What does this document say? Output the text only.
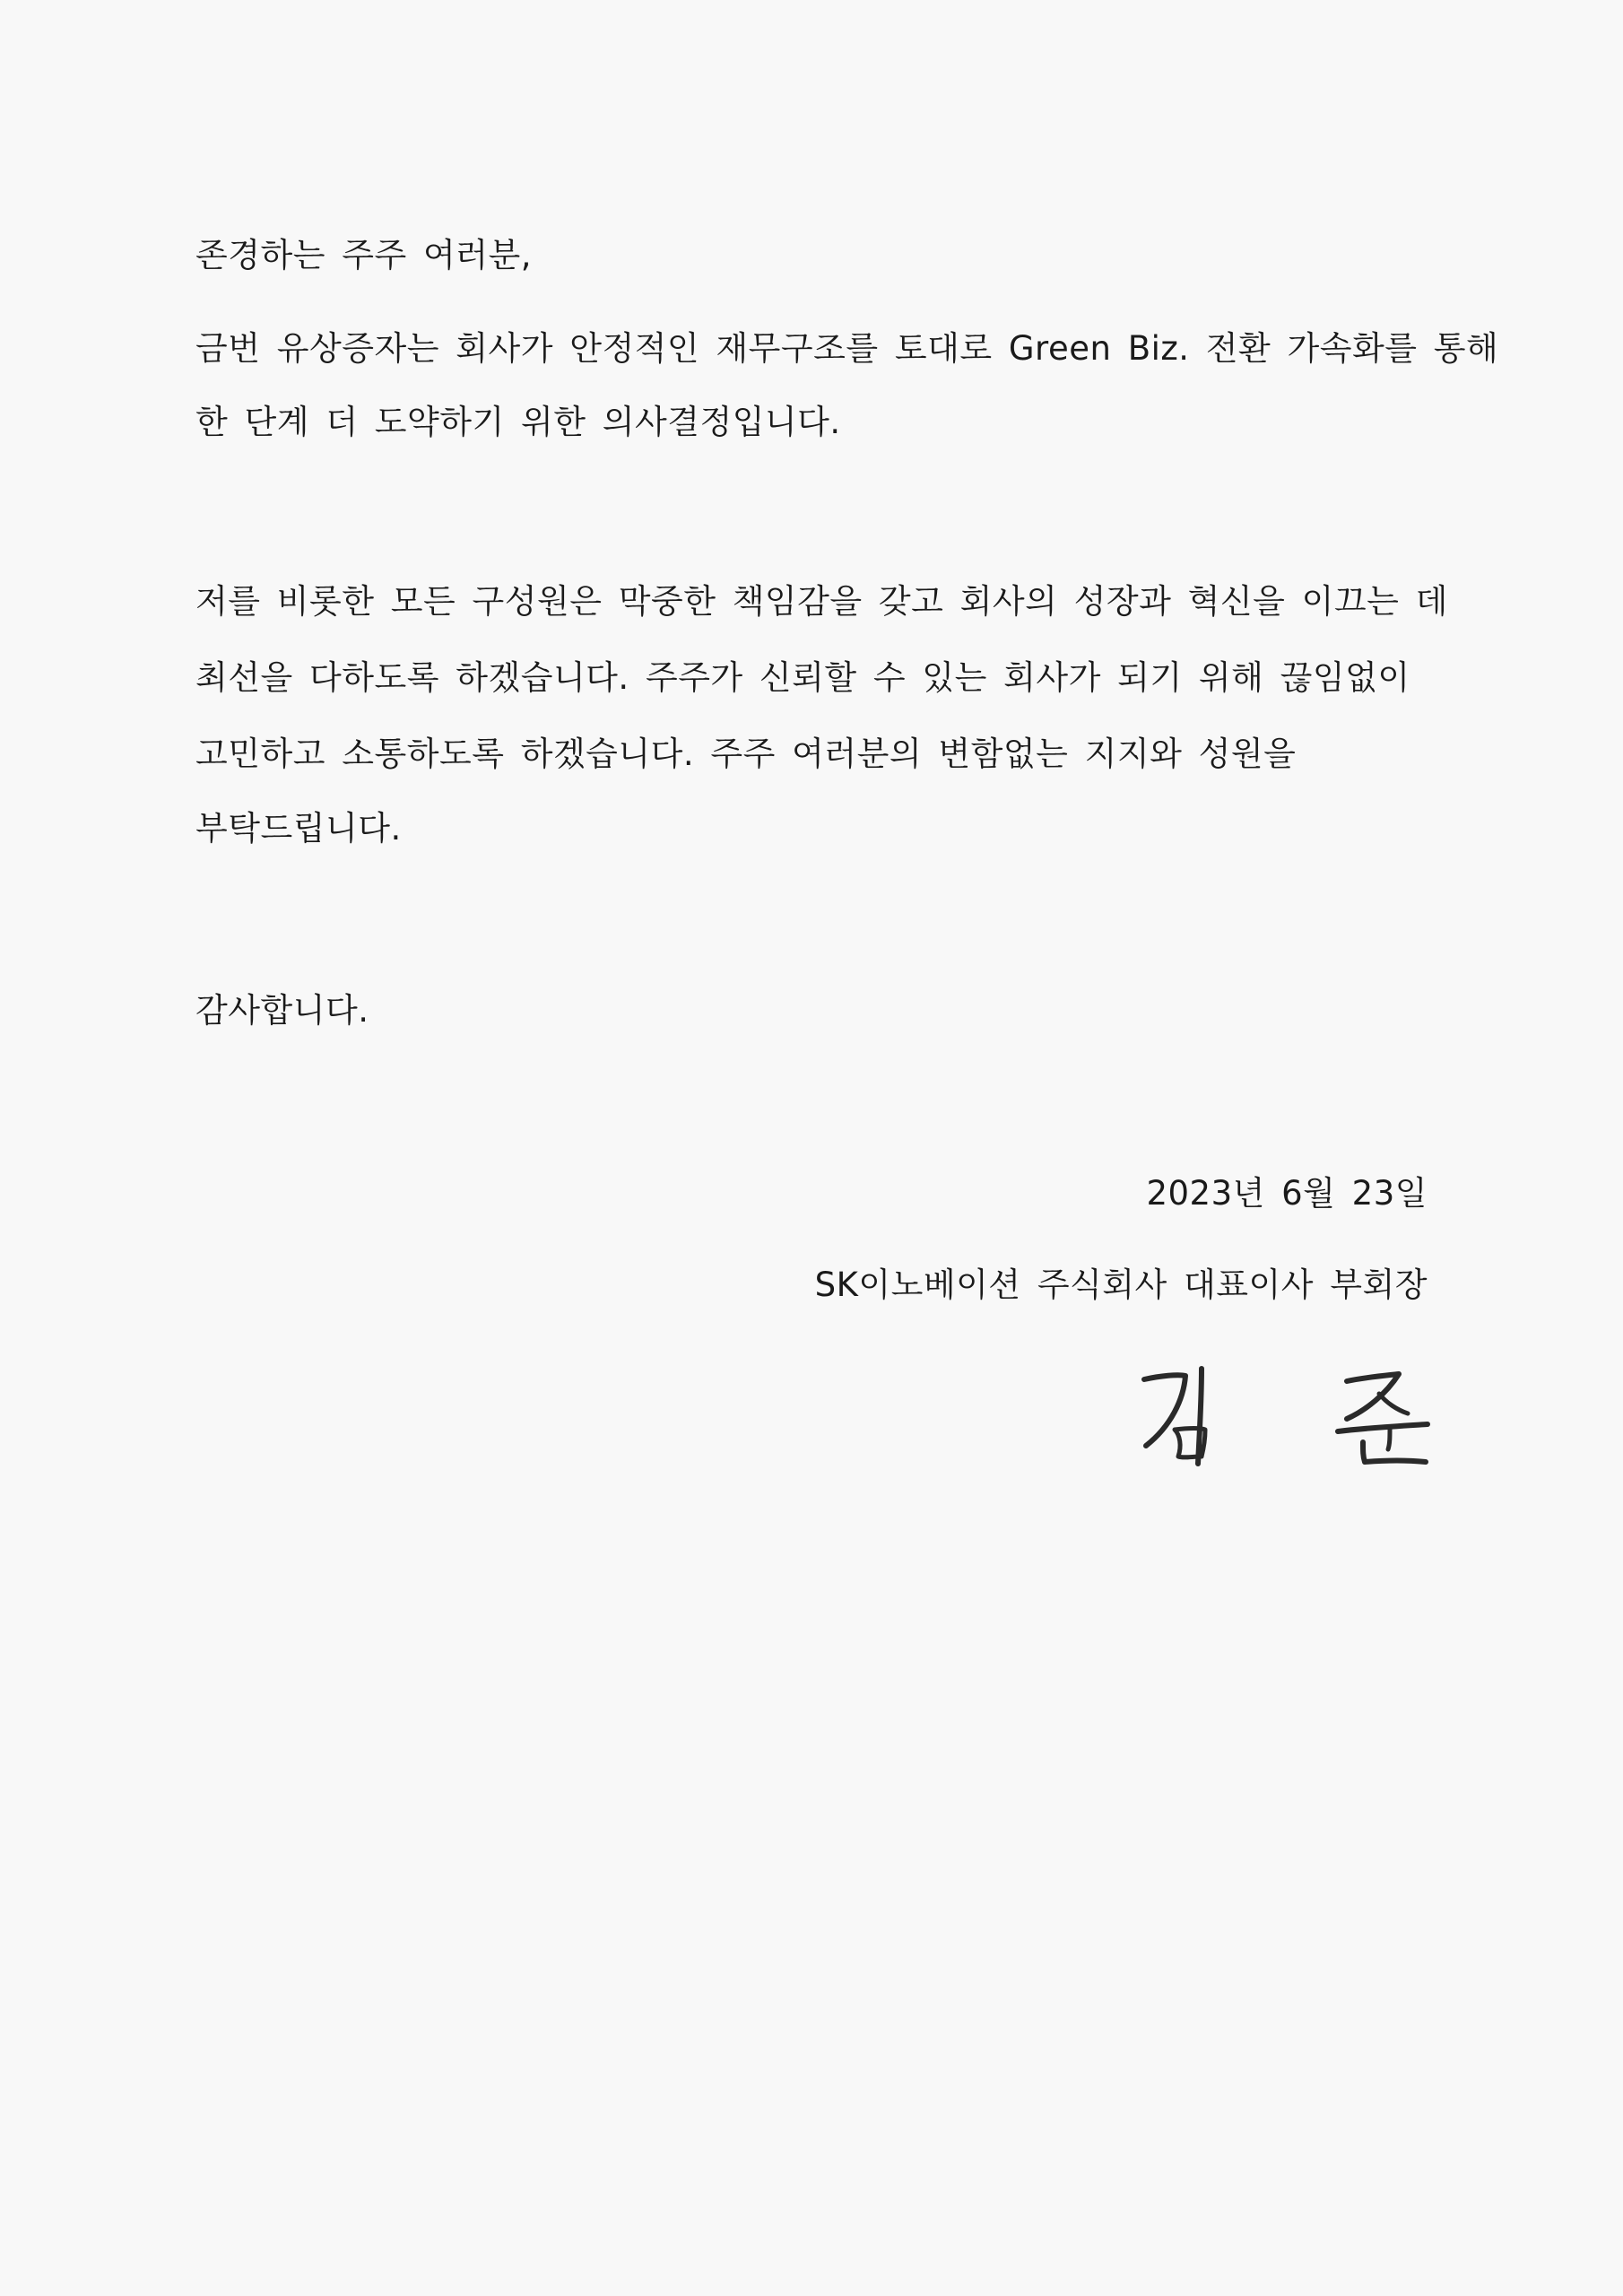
존경하는 주주 여러분,
금번 유상증자는 회사가 안정적인 재무구조를 토대로 Green Biz. 전환 가속화를 통해
한 단계 더 도약하기 위한 의사결정입니다.
저를 비롯한 모든 구성원은 막중한 책임감을 갖고 회사의 성장과 혁신을 이끄는 데
최선을 다하도록 하겠습니다. 주주가 신뢰할 수 있는 회사가 되기 위해 끊임없이
고민하고 소통하도록 하겠습니다. 주주 여러분의 변함없는 지지와 성원을
부탁드립니다.
감사합니다.
2023년 6월 23일
SK이노베이션 주식회사 대표이사 부회장
